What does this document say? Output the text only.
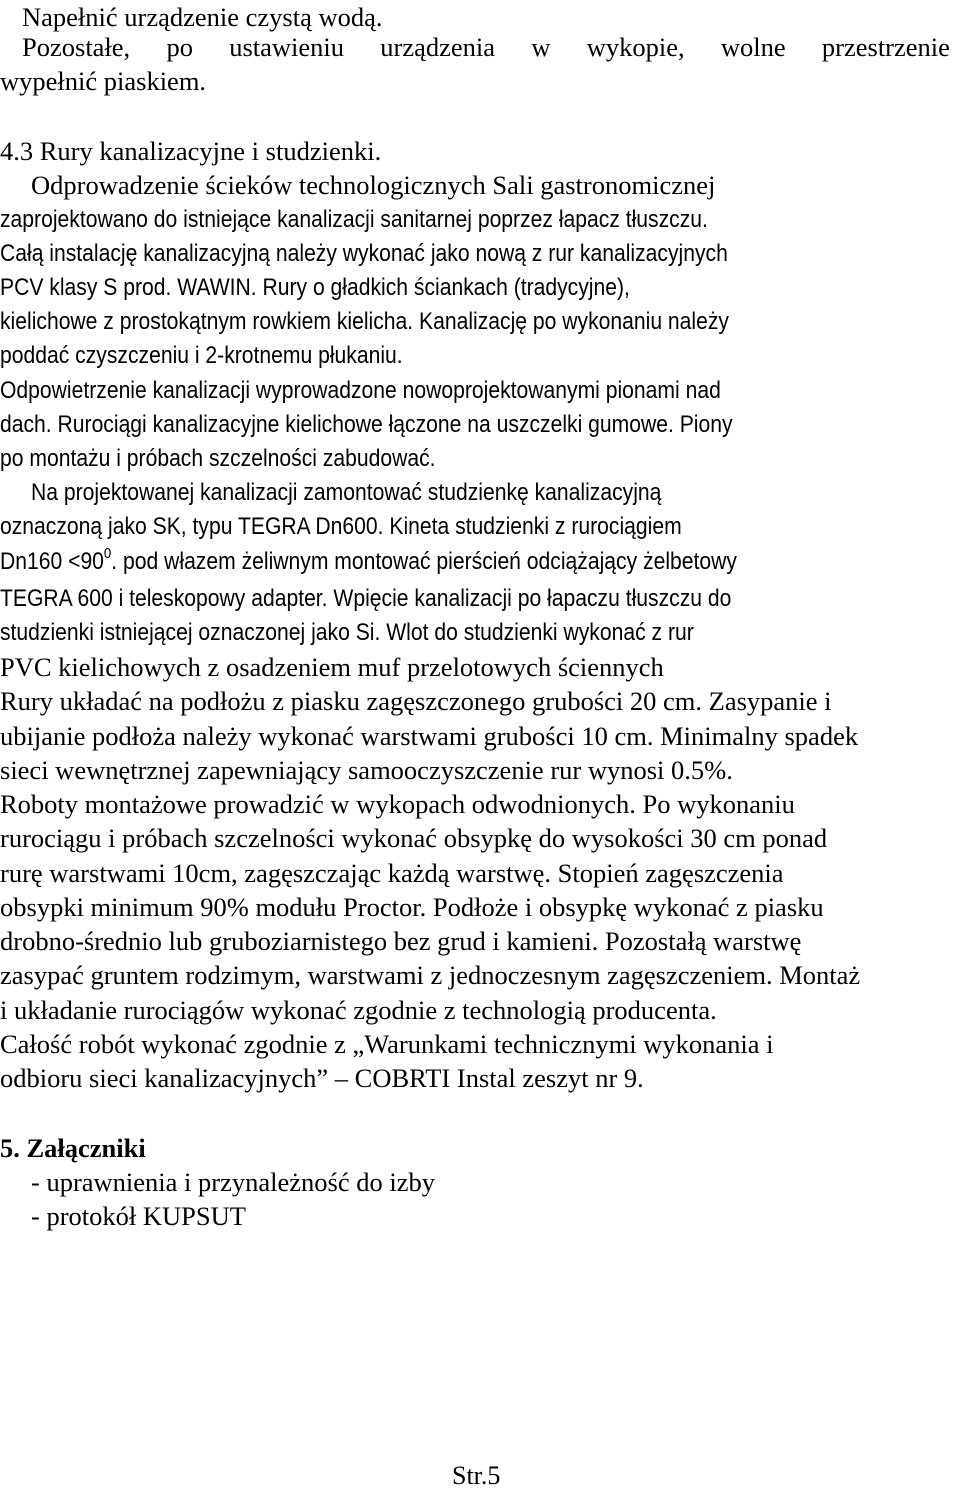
Napełnić urządzenie czystą wodą.
Pozostałe, po ustawieniu urządzenia w wykopie, wolne przestrzenie
wypełnić piaskiem.
4.3 Rury kanalizacyjne i studzienki.
Odprowadzenie ścieków technologicznych Sali gastronomicznej
zaprojektowano do istniejące kanalizacji sanitarnej poprzez łapacz tłuszczu.
Całą instalację kanalizacyjną należy wykonać jako nową z rur kanalizacyjnych
PCV klasy S prod. WAWIN. Rury o gładkich ściankach (tradycyjne),
kielichowe z prostokątnym rowkiem kielicha. Kanalizację po wykonaniu należy
poddać czyszczeniu i 2-krotnemu płukaniu.
Odpowietrzenie kanalizacji wyprowadzone nowoprojektowanymi pionami nad
dach. Rurociągi kanalizacyjne kielichowe łączone na uszczelki gumowe. Piony
po montażu i próbach szczelności zabudować.
Na projektowanej kanalizacji zamontować studzienkę kanalizacyjną
oznaczoną jako SK, typu TEGRA Dn600. Kineta studzienki z rurociągiem
$Dn160 <90^0$. pod włazem żeliwnym montować pierścień odciążający żelbetowy
TEGRA 600 i teleskopowy adapter. Wpięcie kanalizacji po łapaczu tłuszczu do
studzienki istniejącej oznaczonej jako Si. Wlot do studzienki wykonać z rur
PVC kielichowych z osadzeniem muf przelotowych ściennych
Rury układać na podłożu z piasku zagęszczonego grubości 20 cm. Zasypanie i
ubijanie podłoża należy wykonać warstwami grubości 10 cm. Minimalny spadek
sieci wewnętrznej zapewniający samooczyszczenie rur wynosi 0.5%.
Roboty montażowe prowadzić w wykopach odwodnionych. Po wykonaniu
rurociągu i próbach szczelności wykonać obsypkę do wysokości 30 cm ponad
rurę warstwami 10cm, zagęszczając każdą warstwę. Stopień zagęszczenia
obsypki minimum 90% modułu Proctor. Podłoże i obsypkę wykonać z piasku
drobno-średnio lub gruboziarnistego bez grud i kamieni. Pozostałą warstwę
zasypać gruntem rodzimym, warstwami z jednoczesnym zagęszczeniem. Montaż
i układanie rurociągów wykonać zgodnie z technologią producenta.
Całość robót wykonać zgodnie z „Warunkami technicznymi wykonania i
odbioru sieci kanalizacyjnych” – COBRTI Instal zeszyt nr 9.
5. Załączniki
- uprawnienia i przynależność do izby
- protokół KUPSUT
Str.5
